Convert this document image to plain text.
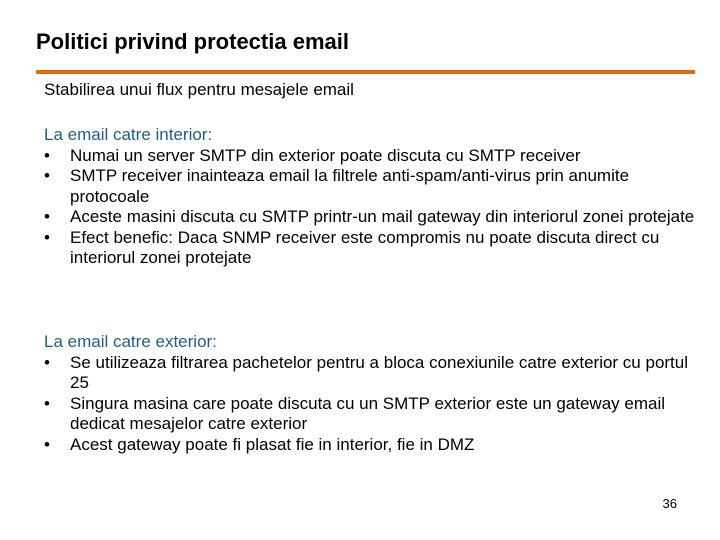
Politici privind protectia email
Stabilirea unui flux pentru mesajele email
La email catre interior:
• Numai un server SMTP din exterior poate discuta cu SMTP receiver
• SMTP receiver inainteaza email la filtrele anti-spam/anti-virus prin anumite protocoale
• Aceste masini discuta cu SMTP printr-un mail gateway din interiorul zonei protejate
• Efect benefic: Daca SNMP receiver este compromis nu poate discuta direct cu interiorul zonei protejate
La email catre exterior:
• Se utilizeaza filtrarea pachetelor pentru a bloca conexiunile catre exterior cu portul 25
• Singura masina care poate discuta cu un SMTP exterior este un gateway email dedicat mesajelor catre exterior
• Acest gateway poate fi plasat fie in interior, fie in DMZ
36
